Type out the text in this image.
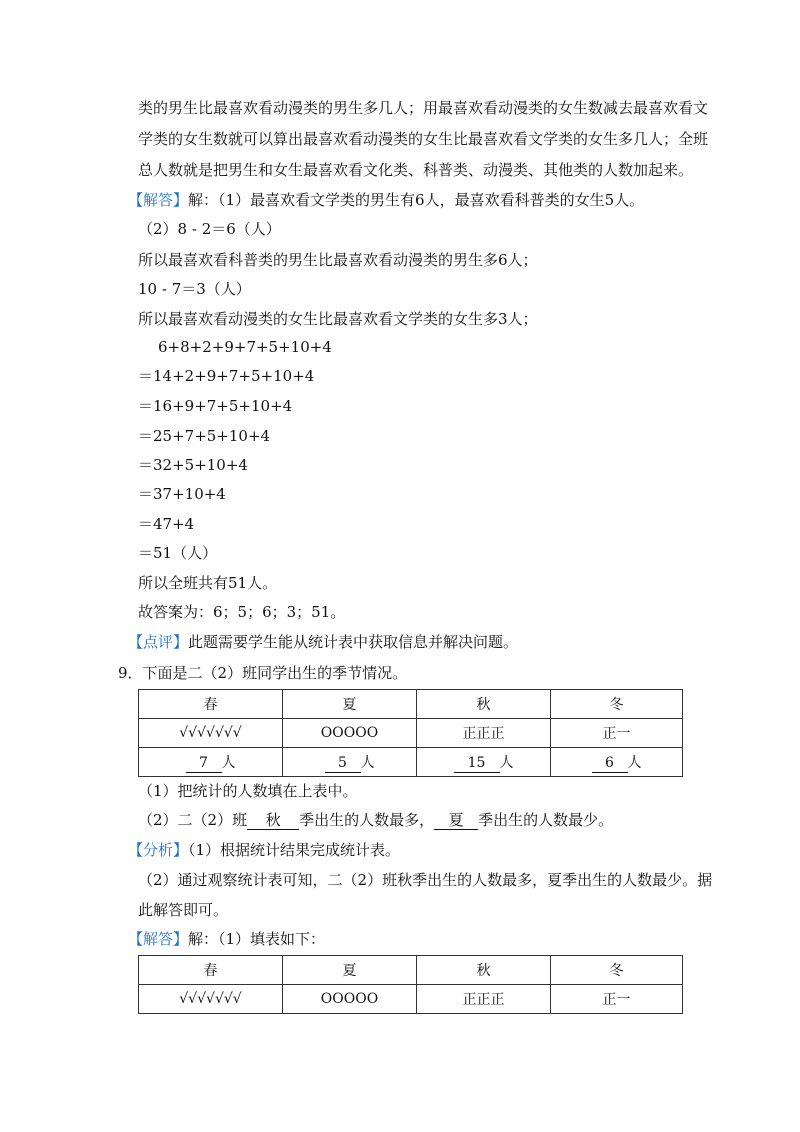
类的男生比最喜欢看动漫类的男生多几人；用最喜欢看动漫类的女生数减去最喜欢看文
学类的女生数就可以算出最喜欢看动漫类的女生比最喜欢看文学类的女生多几人；全班
总人数就是把男生和女生最喜欢看文化类、科普类、动漫类、其他类的人数加起来。
【解答】解：（1）最喜欢看文学类的男生有6人，最喜欢看科普类的女生5人。
（2）8 - 2＝6（人）
所以最喜欢看科普类的男生比最喜欢看动漫类的男生多6人；
10 - 7＝3（人）
所以最喜欢看动漫类的女生比最喜欢看文学类的女生多3人；
6+8+2+9+7+5+10+4
＝14+2+9+7+5+10+4
＝16+9+7+5+10+4
＝25+7+5+10+4
＝32+5+10+4
＝37+10+4
＝47+4
＝51（人）
所以全班共有51人。
故答案为：6；5；6；3；51。
【点评】此题需要学生能从统计表中获取信息并解决问题。
9．下面是二（2）班同学出生的季节情况。
春	夏	秋	冬
√√√√√√√	OOOOO	正正正	正一
7 人	5 人	15 人	6 人
（1）把统计的人数填在上表中。
（2）二（2）班 秋 季出生的人数最多， 夏 季出生的人数最少。
【分析】（1）根据统计结果完成统计表。
（2）通过观察统计表可知，二（2）班秋季出生的人数最多，夏季出生的人数最少。据
此解答即可。
【解答】解：（1）填表如下：
春	夏	秋	冬
√√√√√√√	OOOOO	正正正	正一
